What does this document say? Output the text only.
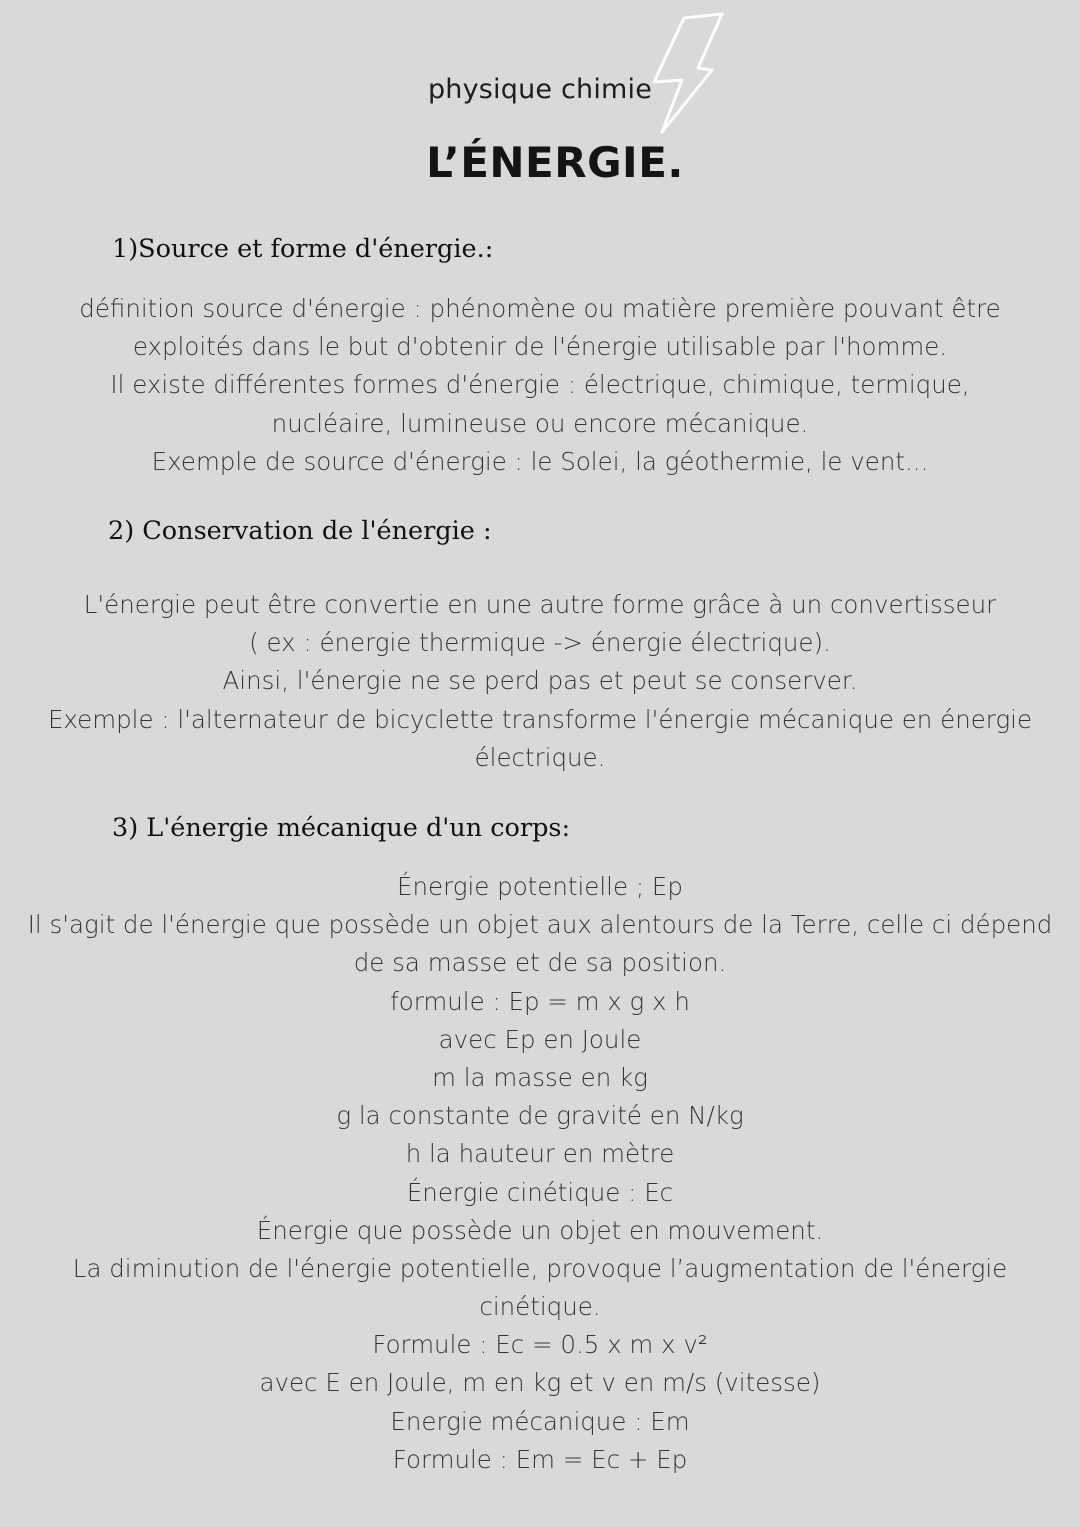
physique chimie
L’ÉNERGIE.
1)Source et forme d'énergie.:
définition source d'énergie : phénomène ou matière première pouvant être
exploités dans le but d'obtenir de l'énergie utilisable par l'homme.
Il existe différentes formes d'énergie : électrique, chimique, termique,
nucléaire, lumineuse ou encore mécanique.
Exemple de source d'énergie : le Solei, la géothermie, le vent...
2) Conservation de l'énergie :
L'énergie peut être convertie en une autre forme grâce à un convertisseur
( ex : énergie thermique -> énergie électrique).
Ainsi, l'énergie ne se perd pas et peut se conserver.
Exemple : l'alternateur de bicyclette transforme l'énergie mécanique en énergie
électrique.
3) L'énergie mécanique d'un corps:
Énergie potentielle ; Ep
Il s'agit de l'énergie que possède un objet aux alentours de la Terre, celle ci dépend
de sa masse et de sa position.
formule : Ep = m x g x h
avec Ep en Joule
m la masse en kg
g la constante de gravité en N/kg
h la hauteur en mètre
Énergie cinétique : Ec
Énergie que possède un objet en mouvement.
La diminution de l'énergie potentielle, provoque l’augmentation de l'énergie
cinétique.
Formule : Ec = 0.5 x m x v²
avec E en Joule, m en kg et v en m/s (vitesse)
Energie mécanique : Em
Formule : Em = Ec + Ep
